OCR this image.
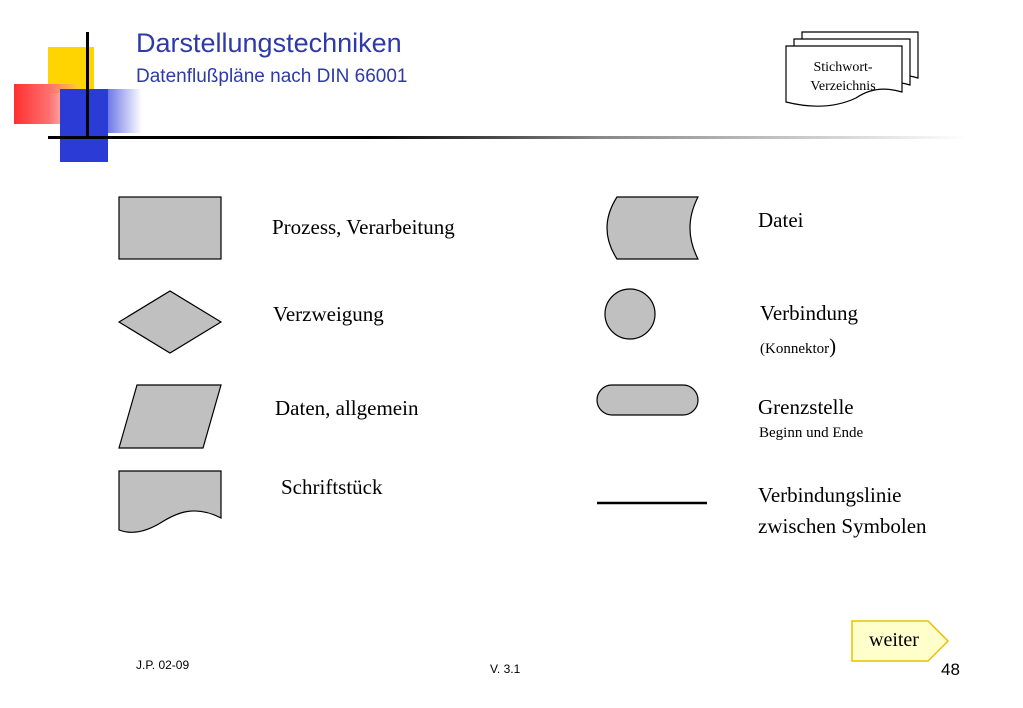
Darstellungstechniken
Datenflußpläne nach DIN 66001	Stichwort-
Verzeichnis
Prozess, Verarbeitung
Verzweigung
Daten, allgemein
Schriftstück
Datei
Verbindung
(Konnektor)
Grenzstelle
Beginn und Ende
Verbindungslinie
zwischen Symbolen
weiter
J.P. 02-09	V. 3.1	48
